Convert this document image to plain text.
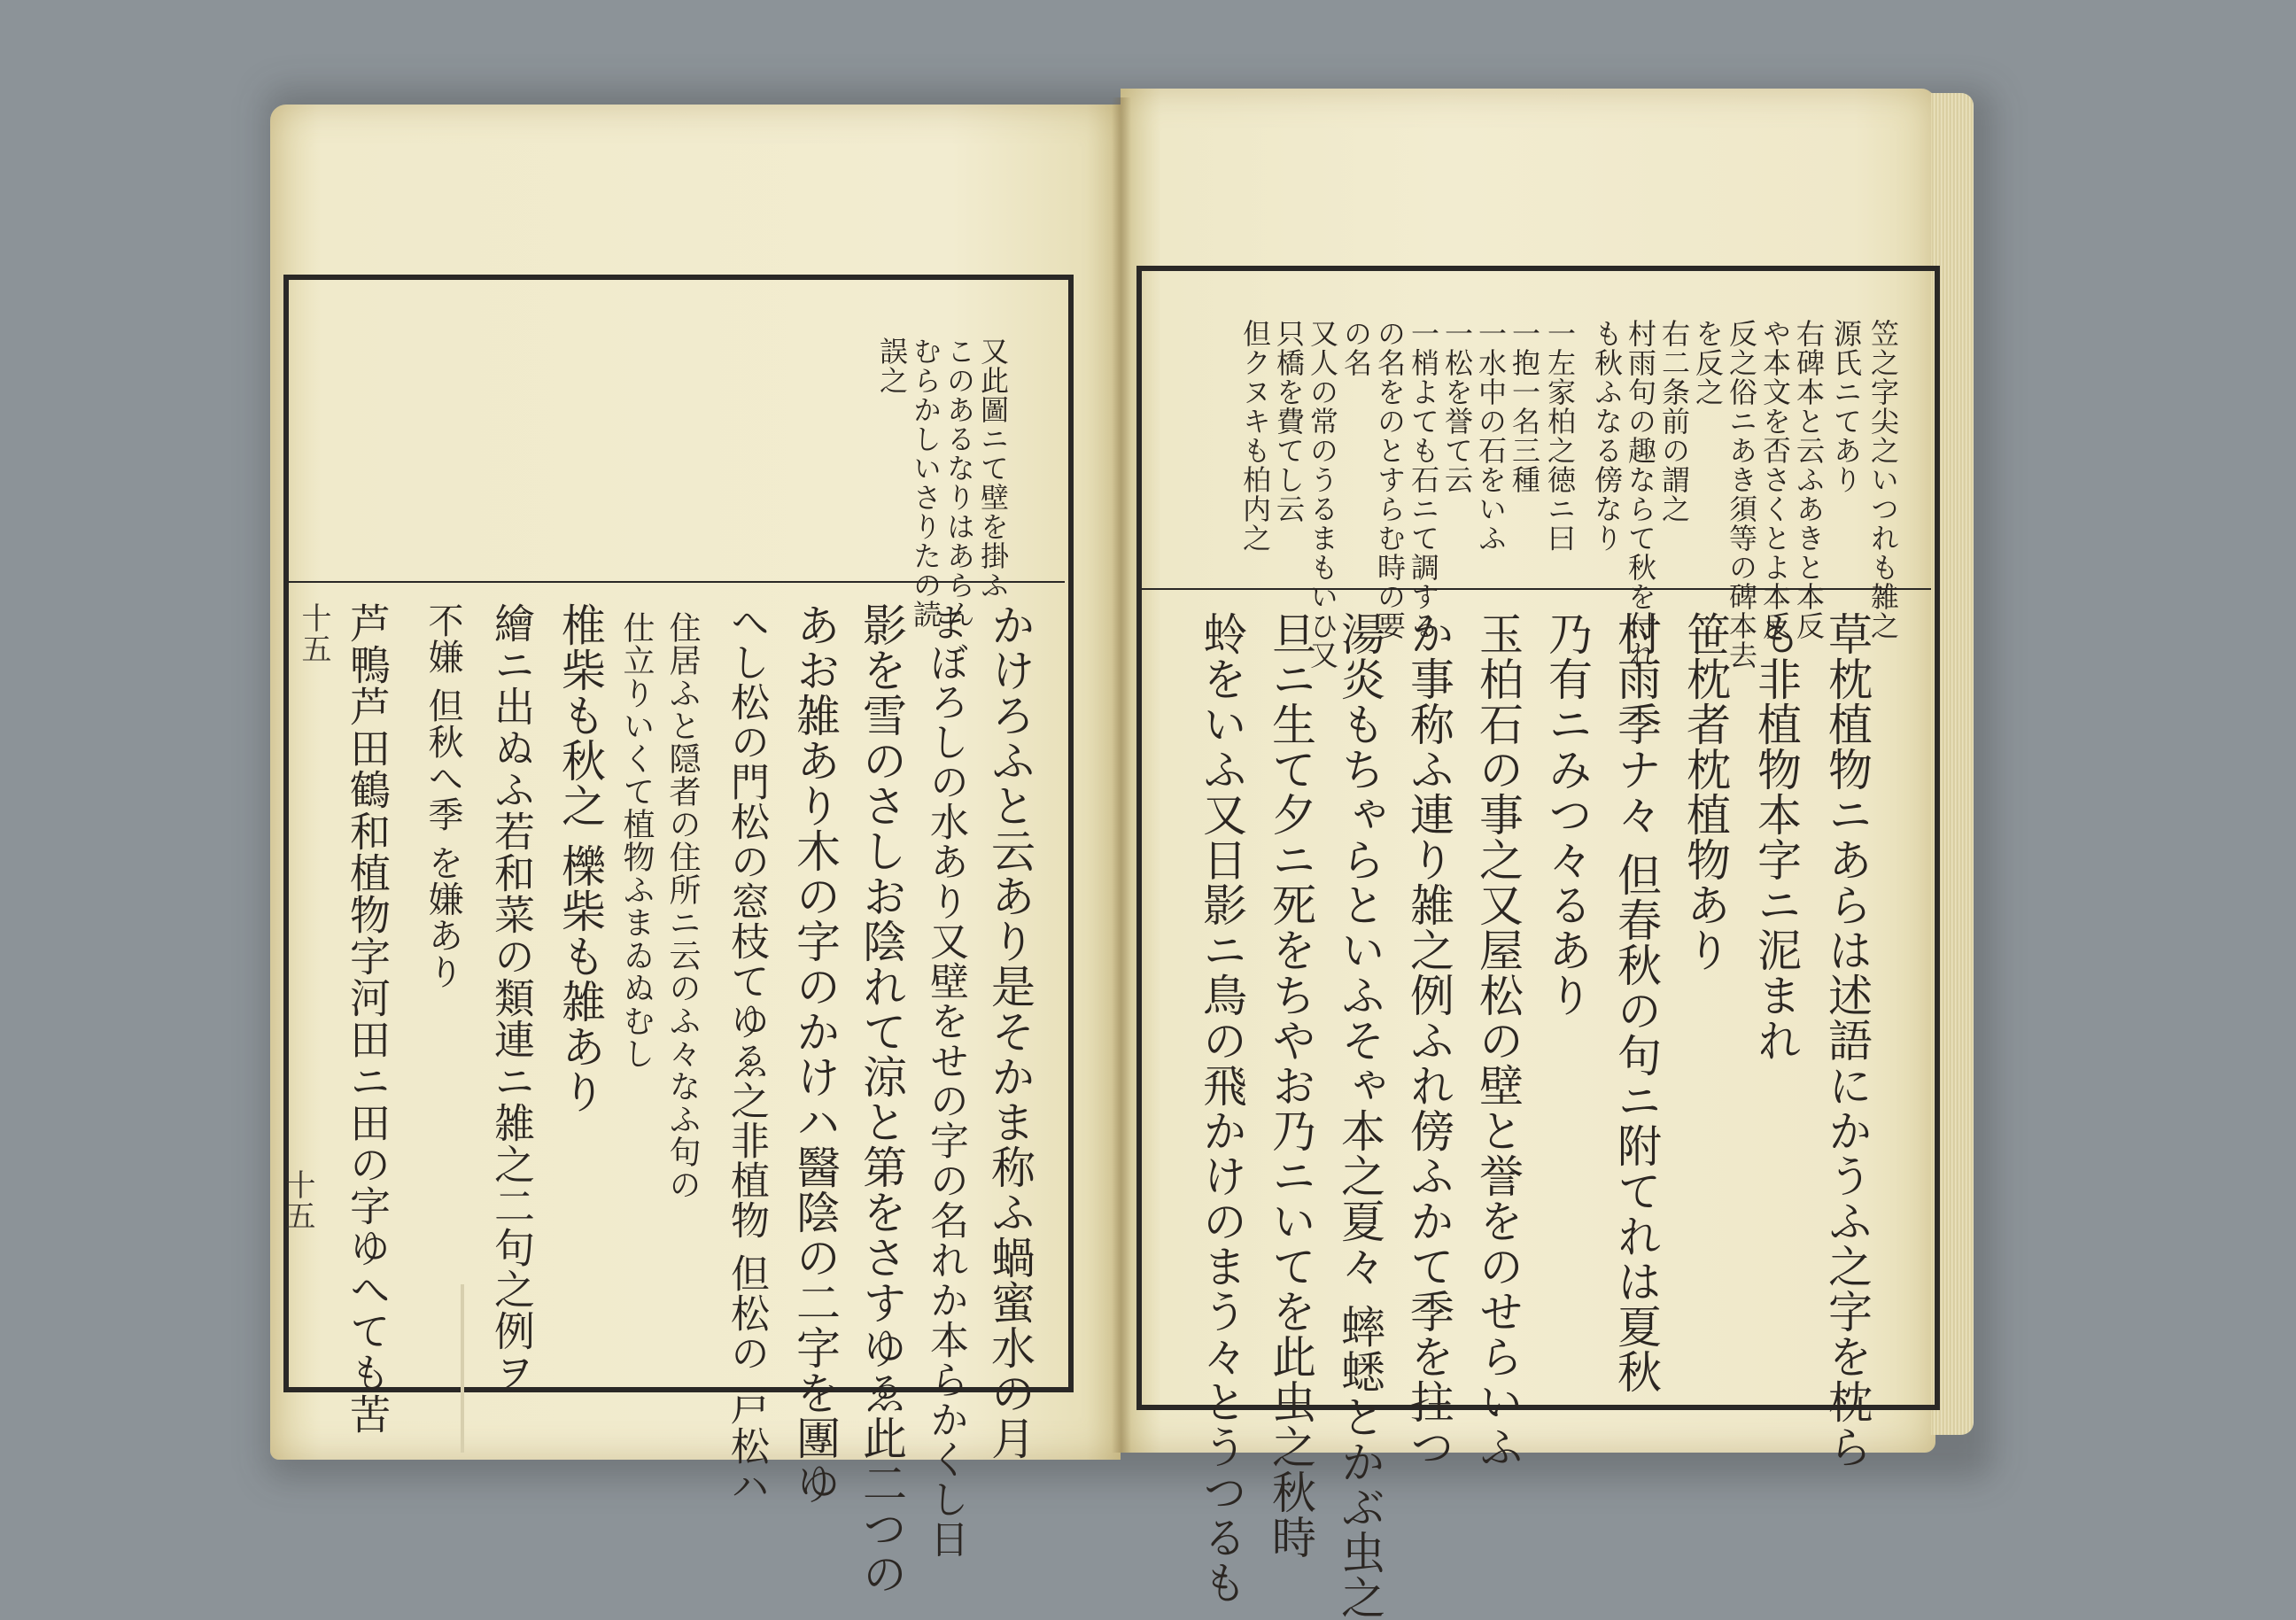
笠之字尖之いつれも雑之
源氏ニてあり
右碑本と云ふあきと本反
や本文を否さくとよ本反
反之俗ニあき須等の碑本去
を反之
右二条前の謂之
村雨句の趣ならて秋を付れ
も秋ふなる傍なり
一左家柏之徳ニ曰
一抱一名三種
一水中の石をいふ
一松を誉て云
一梢よても石ニて調する
の名をのとすらむ時の要
の名
又人の常のうるまもいひ又
只橋を費てし云
但クヌキも柏内之
草枕植物ニあらは述語にかうふ之字を枕ら
も非植物本字ニ泥まれ
笹枕者枕植物あり
村雨季ナ々 但春秋の句ニ附てれは夏秋
乃有ニみつ々るあり
玉柏石の事之又屋松の壁と誉をのせらいふ
か事称ふ連り雑之例ふれ傍ふかて季を拄つ
湯炎もちゃらといふそゃ本之夏々 蟀蟋とかぶ虫之
旦ニ生て夕ニ死をちやお乃ニいてを此虫之秋時
蛉をいふ又日影ニ鳥の飛かけのまう々とうつるも
又此圖ニて壁を掛ふ
このあるなりはあらん
むらかしいさりたの読
誤之
かけろふと云あり是そかま称ふ蝸蜜水の月
まぼろしの水あり又壁をせの字の名れか本らかくし日
影を雪のさしお陰れて涼と第をさすゆゑ此二つの
あお雑あり木の字のかけハ醫陰の二字を團ゆ
へし松の門松の窓枝てゆゑ之非植物 但松の 戸松ハ
住居ふと隠者の住所ニ云のふ々なふ句の
仕立りいくて植物ふまゐぬむし
椎柴も秋之 櫟柴も雑あり
繪ニ出ぬふ若和菜の類連ニ雑之二句之例ヲ
不嫌 但秋へ季 を嫌あり
芦鴨芦田鶴和植物字河田ニ田の字ゆへても苦
十五
十五
